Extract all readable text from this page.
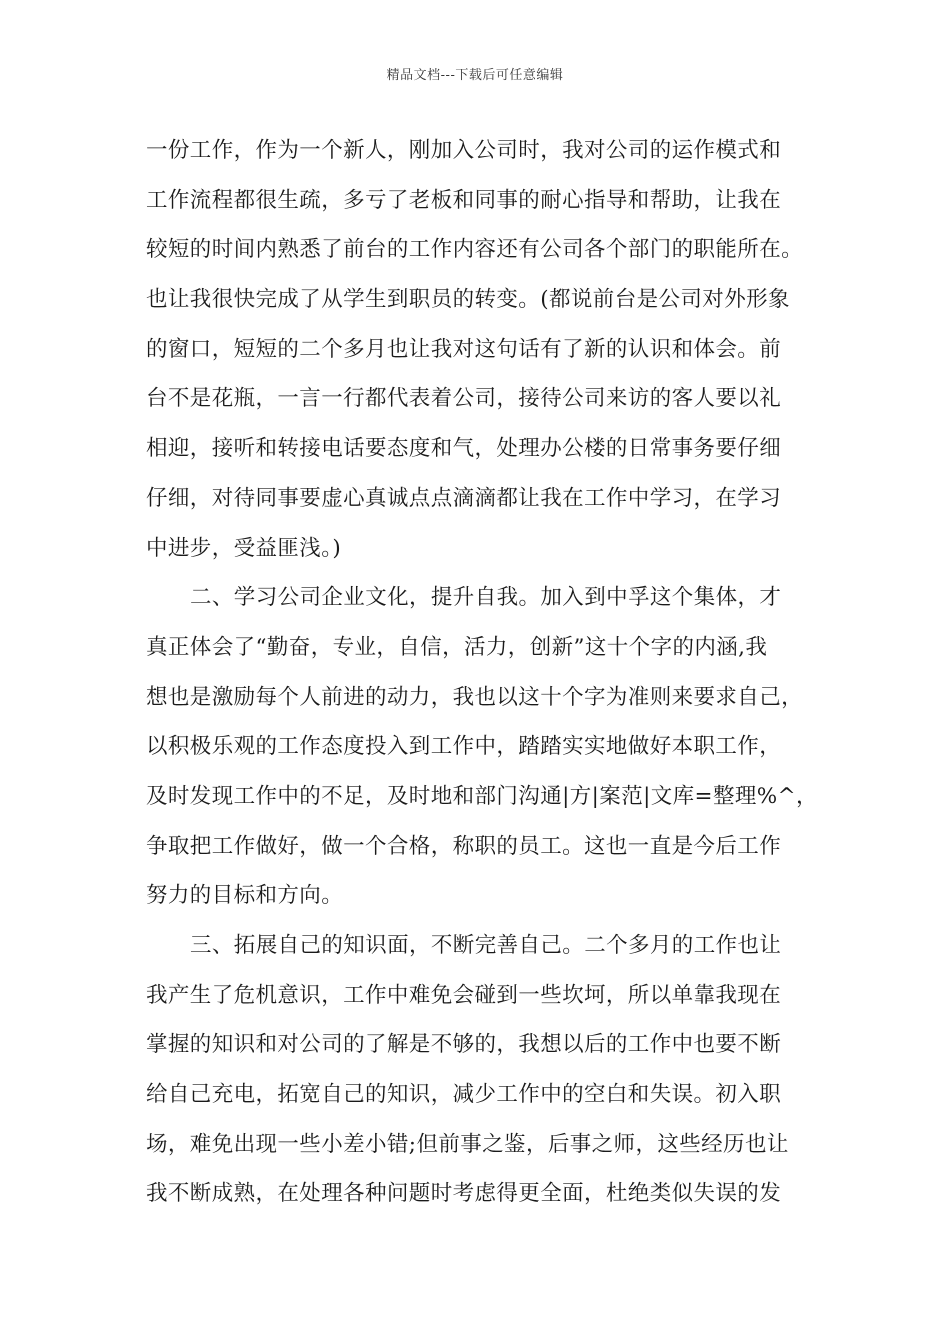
精品文档---下载后可任意编辑
一份工作，作为一个新人，刚加入公司时，我对公司的运作模式和
工作流程都很生疏，多亏了老板和同事的耐心指导和帮助，让我在
较短的时间内熟悉了前台的工作内容还有公司各个部门的职能所在。
也让我很快完成了从学生到职员的转变。(都说前台是公司对外形象
的窗口，短短的二个多月也让我对这句话有了新的认识和体会。前
台不是花瓶，一言一行都代表着公司，接待公司来访的客人要以礼
相迎，接听和转接电话要态度和气，处理办公楼的日常事务要仔细
仔细，对待同事要虚心真诚点点滴滴都让我在工作中学习，在学习
中进步，受益匪浅。)
二、学习公司企业文化，提升自我。加入到中孚这个集体，才
真正体会了“勤奋，专业，自信，活力，创新”这十个字的内涵,我
想也是激励每个人前进的动力，我也以这十个字为准则来要求自己，
以积极乐观的工作态度投入到工作中，踏踏实实地做好本职工作，
及时发现工作中的不足，及时地和部门沟通|方|案范|文库=整理%^，
争取把工作做好，做一个合格，称职的员工。这也一直是今后工作
努力的目标和方向。
三、拓展自己的知识面，不断完善自己。二个多月的工作也让
我产生了危机意识，工作中难免会碰到一些坎坷，所以单靠我现在
掌握的知识和对公司的了解是不够的，我想以后的工作中也要不断
给自己充电，拓宽自己的知识，减少工作中的空白和失误。初入职
场，难免出现一些小差小错;但前事之鉴，后事之师，这些经历也让
我不断成熟，在处理各种问题时考虑得更全面，杜绝类似失误的发
